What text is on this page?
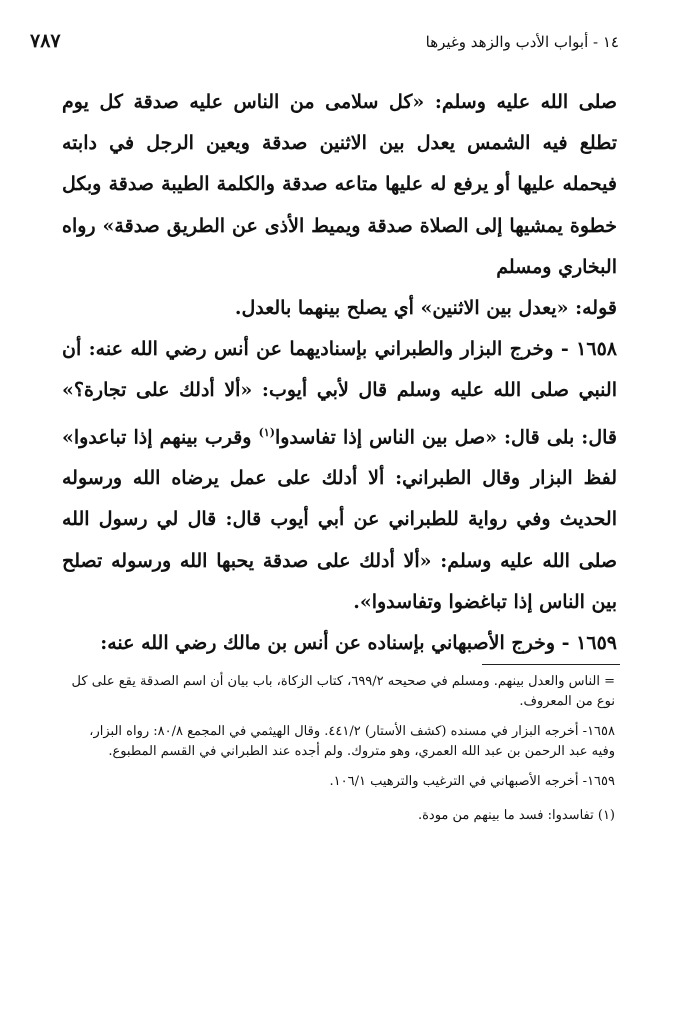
١٤ - أبواب الأدب والزهد وغيرها
٧٨٧

صلى الله عليه وسلم: «كل سلامى من الناس عليه صدقة كل يوم تطلع فيه الشمس يعدل بين الاثنين صدقة ويعين الرجل في دابته فيحمله عليها أو يرفع له عليها متاعه صدقة والكلمة الطيبة صدقة وبكل خطوة يمشيها إلى الصلاة صدقة ويميط الأذى عن الطريق صدقة» رواه البخاري ومسلم

قوله: «يعدل بين الاثنين» أي يصلح بينهما بالعدل.

١٦٥٨ - وخرج البزار والطبراني بإسناديهما عن أنس رضي الله عنه: أن النبي صلى الله عليه وسلم قال لأبي أيوب: «ألا أدلك على تجارة؟» قال: بلى قال: «صل بين الناس إذا تفاسدوا$^{(١)}$ وقرب بينهم إذا تباعدوا» لفظ البزار وقال الطبراني: ألا أدلك على عمل يرضاه الله ورسوله الحديث وفي رواية للطبراني عن أبي أيوب قال: قال لي رسول الله صلى الله عليه وسلم: «ألا أدلك على صدقة يحبها الله ورسوله تصلح بين الناس إذا تباغضوا وتفاسدوا».

١٦٥٩ - وخرج الأصبهاني بإسناده عن أنس بن مالك رضي الله عنه:

= الناس والعدل بينهم. ومسلم في صحيحه ٦٩٩/٢، كتاب الزكاة، باب بيان أن اسم الصدقة يقع على كل نوع من المعروف.

١٦٥٨- أخرجه البزار في مسنده (كشف الأستار) ٤٤١/٢. وقال الهيثمي في المجمع ٨٠/٨: رواه البزار، وفيه عبد الرحمن بن عبد الله العمري، وهو متروك. ولم أجده عند الطبراني في القسم المطبوع.

١٦٥٩- أخرجه الأصبهاني في الترغيب والترهيب ١٠٦/١.

(١) تفاسدوا: فسد ما بينهم من مودة.
